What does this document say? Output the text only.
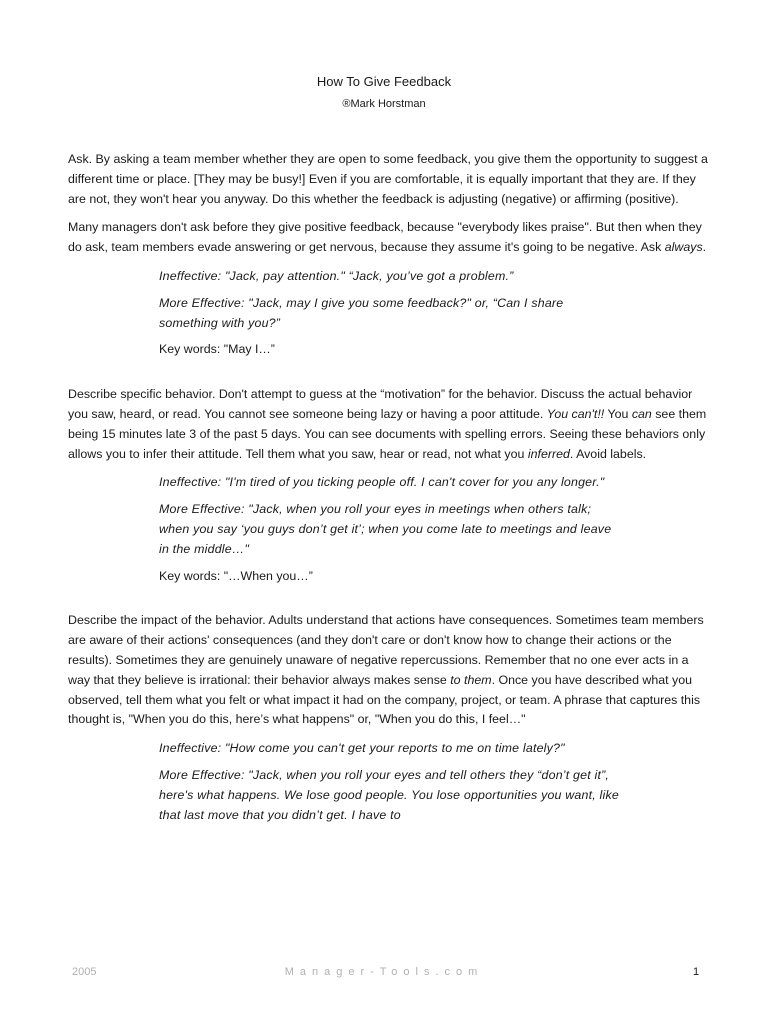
How To Give Feedback
®Mark Horstman

Ask. By asking a team member whether they are open to some feedback, you give them the opportunity to suggest a different time or place. [They may be busy!] Even if you are comfortable, it is equally important that they are. If they are not, they won't hear you anyway. Do this whether the feedback is adjusting (negative) or affirming (positive).

Many managers don't ask before they give positive feedback, because "everybody likes praise". But then when they do ask, team members evade answering or get nervous, because they assume it's going to be negative. Ask always.

Ineffective: "Jack, pay attention." “Jack, you’ve got a problem.”
More Effective: "Jack, may I give you some feedback?" or, “Can I share something with you?”
Key words: "May I…”

Describe specific behavior. Don't attempt to guess at the “motivation” for the behavior. Discuss the actual behavior you saw, heard, or read. You cannot see someone being lazy or having a poor attitude. You can't!! You can see them being 15 minutes late 3 of the past 5 days. You can see documents with spelling errors. Seeing these behaviors only allows you to infer their attitude. Tell them what you saw, hear or read, not what you inferred. Avoid labels.

Ineffective: "I'm tired of you ticking people off. I can't cover for you any longer."
More Effective: "Jack, when you roll your eyes in meetings when others talk; when you say ‘you guys don’t get it’; when you come late to meetings and leave in the middle…"
Key words: "…When you…”

Describe the impact of the behavior. Adults understand that actions have consequences. Sometimes team members are aware of their actions' consequences (and they don't care or don't know how to change their actions or the results). Sometimes they are genuinely unaware of negative repercussions. Remember that no one ever acts in a way that they believe is irrational: their behavior always makes sense to them. Once you have described what you observed, tell them what you felt or what impact it had on the company, project, or team. A phrase that captures this thought is, "When you do this, here’s what happens" or, "When you do this, I feel…"

Ineffective: "How come you can't get your reports to me on time lately?"
More Effective: "Jack, when you roll your eyes and tell others they “don’t get it”, here's what happens. We lose good people. You lose opportunities you want, like that last move that you didn’t get. I have to
2005	Manager-Tools.com	1
